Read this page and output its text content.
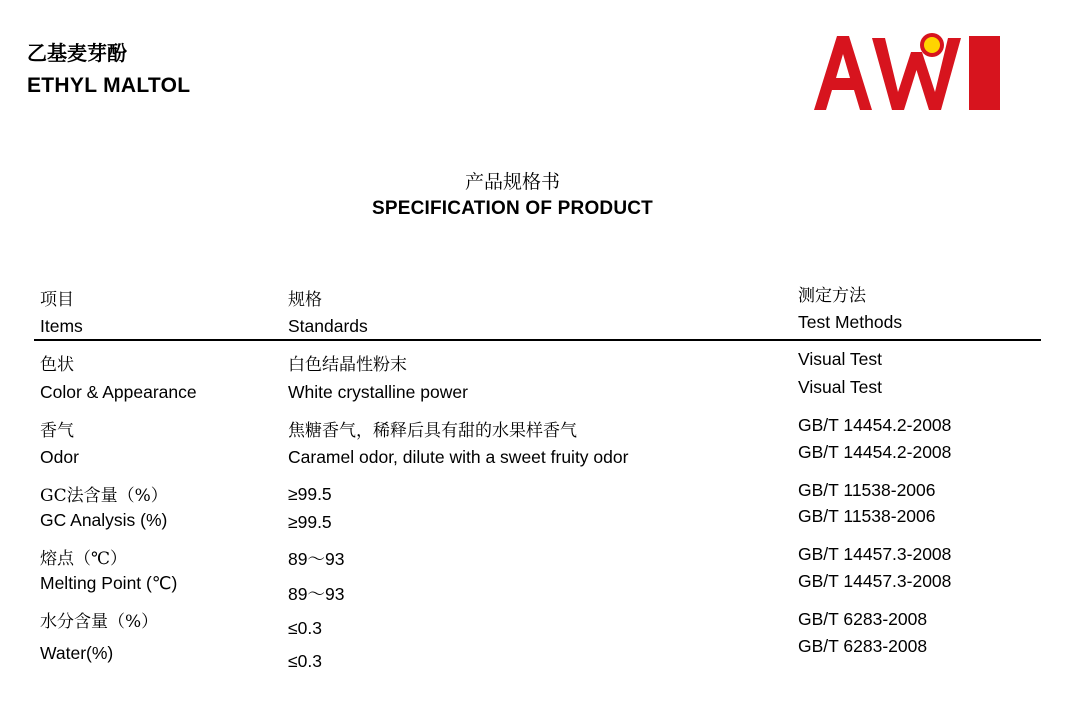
乙基麦芽酚
ETHYL MALTOL
产品规格书
SPECIFICATION OF PRODUCT
项目
Items
规格
Standards
测定方法
Test Methods
色状
Color & Appearance
白色结晶性粉末
White crystalline power
Visual Test
Visual Test
香气
Odor
焦糖香气，稀释后具有甜的水果样香气
Caramel odor, dilute with a sweet fruity odor
GB/T 14454.2-2008
GB/T 14454.2-2008
GC法含量（%）
GC Analysis (%)
≥99.5
≥99.5
GB/T 11538-2006
GB/T 11538-2006
熔点（℃）
Melting Point (℃)
89～93
89～93
GB/T 14457.3-2008
GB/T 14457.3-2008
水分含量（%）
Water(%)
≤0.3
≤0.3
GB/T 6283-2008
GB/T 6283-2008
